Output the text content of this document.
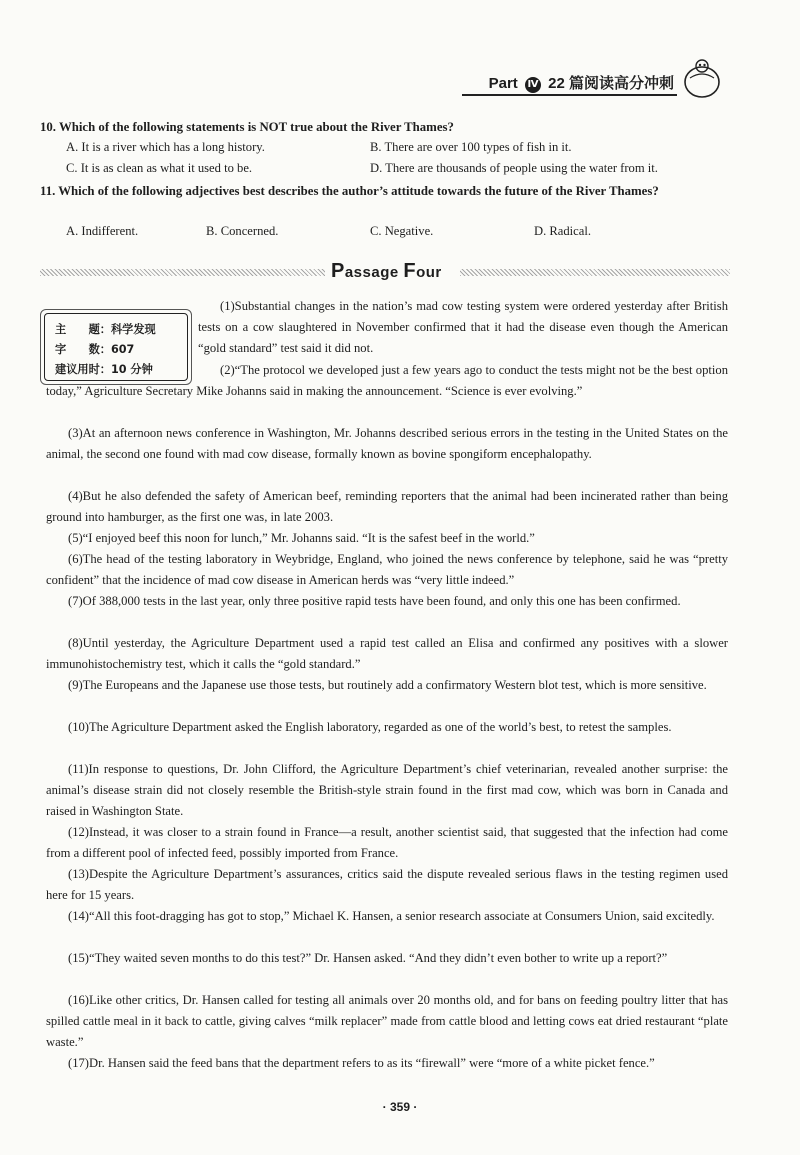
Part Ⅳ 22 篇阅读高分冲刺
10. Which of the following statements is NOT true about the River Thames?
A. It is a river which has a long history.	B. There are over 100 types of fish in it.
C. It is as clean as what it used to be.	D. There are thousands of people using the water from it.
11. Which of the following adjectives best describes the author’s attitude towards the future of the River Thames?
A. Indifferent.	B. Concerned.	C. Negative.	D. Radical.
Passage Four
主　　题：科学发现
字　　数：607
建议用时：10 分钟
(1)Substantial changes in the nation’s mad cow testing system were ordered yesterday after British tests on a cow slaughtered in November confirmed that it had the disease even though the American “gold standard” test said it did not.
(2)“The protocol we developed just a few years ago to conduct the tests might not be the best option today,” Agriculture Secretary Mike Johanns said in making the announcement. “Science is ever evolving.”
(3)At an afternoon news conference in Washington, Mr. Johanns described serious errors in the testing in the United States on the animal, the second one found with mad cow disease, formally known as bovine spongiform encephalopathy.
(4)But he also defended the safety of American beef, reminding reporters that the animal had been incinerated rather than being ground into hamburger, as the first one was, in late 2003.
(5)“I enjoyed beef this noon for lunch,” Mr. Johanns said. “It is the safest beef in the world.”
(6)The head of the testing laboratory in Weybridge, England, who joined the news conference by telephone, said he was “pretty confident” that the incidence of mad cow disease in American herds was “very little indeed.”
(7)Of 388,000 tests in the last year, only three positive rapid tests have been found, and only this one has been confirmed.
(8)Until yesterday, the Agriculture Department used a rapid test called an Elisa and confirmed any positives with a slower immunohistochemistry test, which it calls the “gold standard.”
(9)The Europeans and the Japanese use those tests, but routinely add a confirmatory Western blot test, which is more sensitive.
(10)The Agriculture Department asked the English laboratory, regarded as one of the world’s best, to retest the samples.
(11)In response to questions, Dr. John Clifford, the Agriculture Department’s chief veterinarian, revealed another surprise: the animal’s disease strain did not closely resemble the British-style strain found in the first mad cow, which was born in Canada and raised in Washington State.
(12)Instead, it was closer to a strain found in France—a result, another scientist said, that suggested that the infection had come from a different pool of infected feed, possibly imported from France.
(13)Despite the Agriculture Department’s assurances, critics said the dispute revealed serious flaws in the testing regimen used here for 15 years.
(14)“All this foot-dragging has got to stop,” Michael K. Hansen, a senior research associate at Consumers Union, said excitedly.
(15)“They waited seven months to do this test?” Dr. Hansen asked. “And they didn’t even bother to write up a report?”
(16)Like other critics, Dr. Hansen called for testing all animals over 20 months old, and for bans on feeding poultry litter that has spilled cattle meal in it back to cattle, giving calves “milk replacer” made from cattle blood and letting cows eat dried restaurant “plate waste.”
(17)Dr. Hansen said the feed bans that the department refers to as its “firewall” were “more of a white picket fence.”
· 359 ·
